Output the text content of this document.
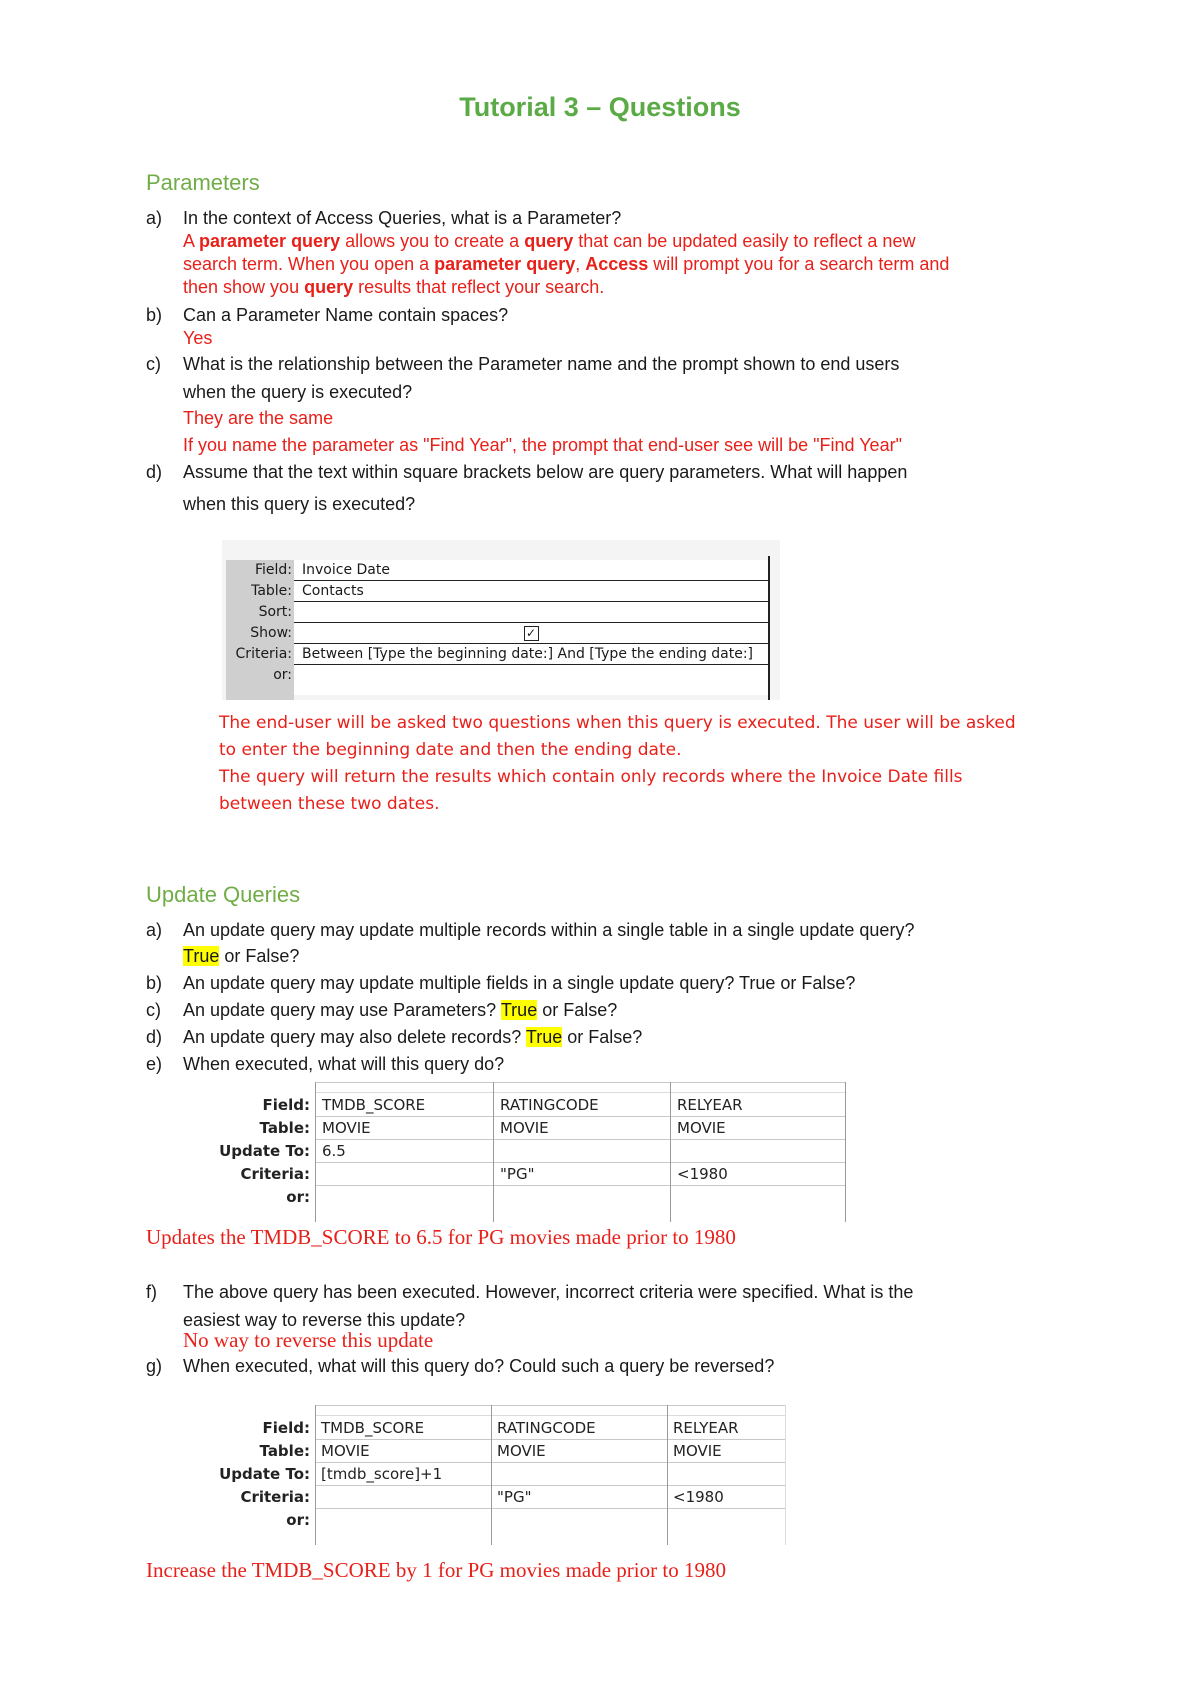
Tutorial 3 – Questions
Parameters
a) In the context of Access Queries, what is a Parameter?
A parameter query allows you to create a query that can be updated easily to reflect a new
search term. When you open a parameter query, Access will prompt you for a search term and
then show you query results that reflect your search.
b) Can a Parameter Name contain spaces?
Yes
c) What is the relationship between the Parameter name and the prompt shown to end users
when the query is executed?
They are the same
If you name the parameter as "Find Year", the prompt that end-user see will be "Find Year"
d) Assume that the text within square brackets below are query parameters. What will happen
when this query is executed?
Field:
Table:
Sort:
Show:
Criteria:
or:
Invoice Date
Contacts
✓
Between [Type the beginning date:] And [Type the ending date:]
The end-user will be asked two questions when this query is executed. The user will be asked
to enter the beginning date and then the ending date.
The query will return the results which contain only records where the Invoice Date fills
between these two dates.
Update Queries
a) An update query may update multiple records within a single table in a single update query?
True or False?
b) An update query may update multiple fields in a single update query? True or False?
c) An update query may use Parameters? True or False?
d) An update query may also delete records? True or False?
e) When executed, what will this query do?
Field:
Table:
Update To:
Criteria:
or:
TMDB_SCORE
MOVIE
6.5
RATINGCODE
MOVIE
"PG"
RELYEAR
MOVIE
<1980
Updates the TMDB_SCORE to 6.5 for PG movies made prior to 1980
f) The above query has been executed. However, incorrect criteria were specified. What is the
easiest way to reverse this update?
No way to reverse this update
g) When executed, what will this query do? Could such a query be reversed?
Field:
Table:
Update To:
Criteria:
or:
TMDB_SCORE
MOVIE
[tmdb_score]+1
RATINGCODE
MOVIE
"PG"
RELYEAR
MOVIE
<1980
Increase the TMDB_SCORE by 1 for PG movies made prior to 1980
